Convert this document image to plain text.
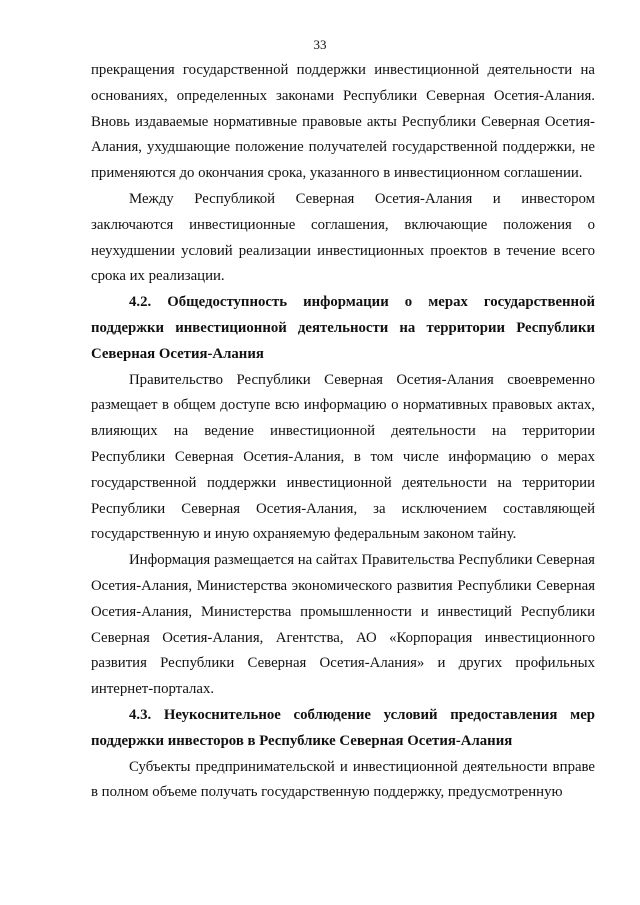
33

прекращения государственной поддержки инвестиционной деятельности на основаниях, определенных законами Республики Северная Осетия-Алания. Вновь издаваемые нормативные правовые акты Республики Северная Осетия-Алания, ухудшающие положение получателей государственной поддержки, не применяются до окончания срока, указанного в инвестиционном соглашении.

Между Республикой Северная Осетия-Алания и инвестором заключаются инвестиционные соглашения, включающие положения о неухудшении условий реализации инвестиционных проектов в течение всего срока их реализации.

4.2. Общедоступность информации о мерах государственной поддержки инвестиционной деятельности на территории Республики Северная Осетия-Алания

Правительство Республики Северная Осетия-Алания своевременно размещает в общем доступе всю информацию о нормативных правовых актах, влияющих на ведение инвестиционной деятельности на территории Республики Северная Осетия-Алания, в том числе информацию о мерах государственной поддержки инвестиционной деятельности на территории Республики Северная Осетия-Алания, за исключением составляющей государственную и иную охраняемую федеральным законом тайну.

Информация размещается на сайтах Правительства Республики Северная Осетия-Алания, Министерства экономического развития Республики Северная Осетия-Алания, Министерства промышленности и инвестиций Республики Северная Осетия-Алания, Агентства, АО «Корпорация инвестиционного развития Республики Северная Осетия-Алания» и других профильных интернет-порталах.

4.3. Неукоснительное соблюдение условий предоставления мер поддержки инвесторов в Республике Северная Осетия-Алания

Субъекты предпринимательской и инвестиционной деятельности вправе в полном объеме получать государственную поддержку, предусмотренную
